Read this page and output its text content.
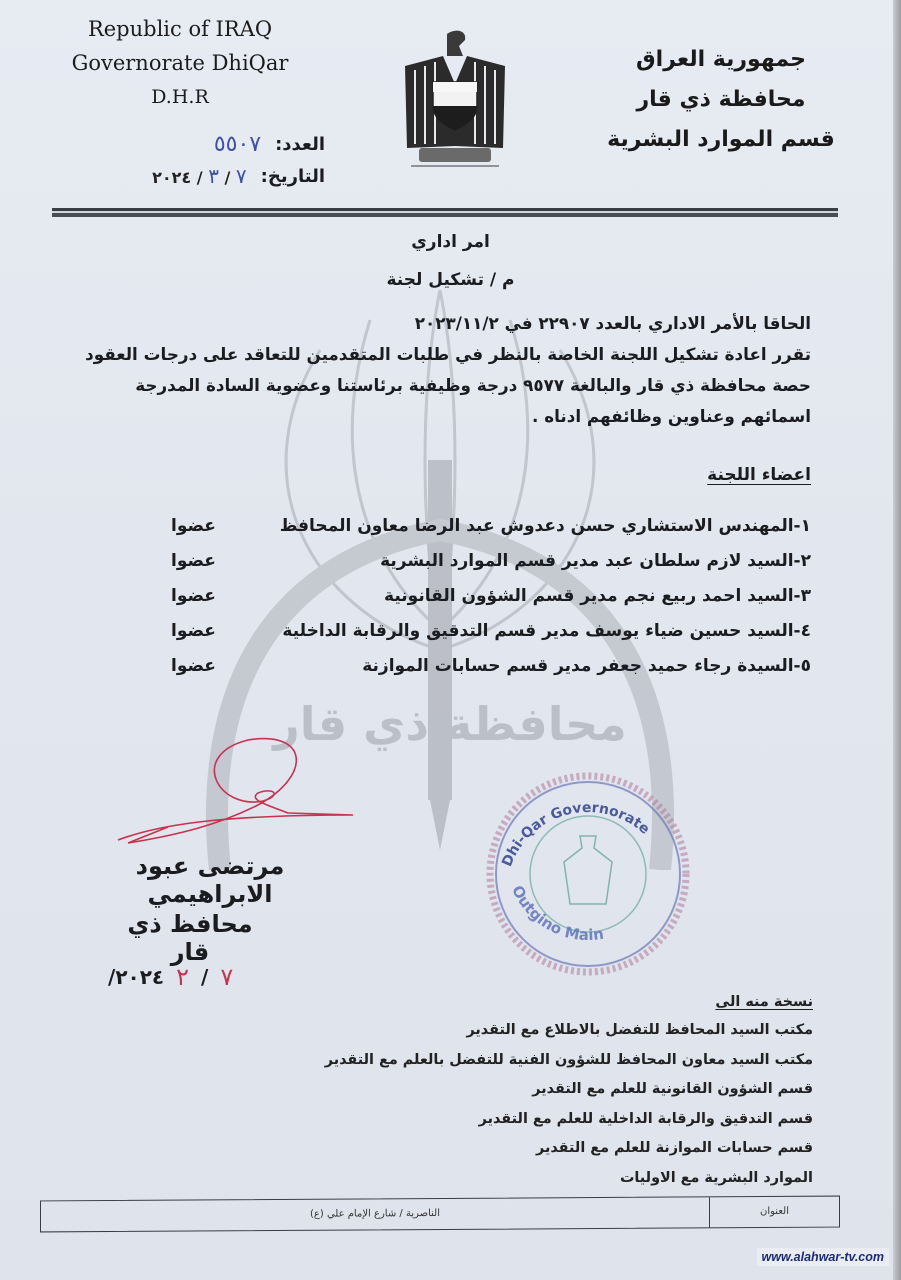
محافظة ذي قار
Republic of IRAQ
Governorate DhiQar
D.H.R
العدد:
٥٥٠٧
التاريخ:
٧ / ٣ / ٢٠٢٤
جمهورية العراق
محافظة ذي قار
قسم الموارد البشرية
امر اداري
م / تشكيل لجنة
الحاقا بالأمر الاداري بالعدد ٢٢٩٠٧ في ٢٠٢٣/١١/٢
تقرر اعادة تشكيل اللجنة الخاصة بالنظر في طلبات المتقدمين للتعاقد على درجات العقود
حصة محافظة ذي قار والبالغة ٩٥٧٧ درجة وظيفية برئاستنا وعضوية السادة المدرجة
اسمائهم وعناوين وظائفهم ادناه .
اعضاء اللجنة
١-المهندس الاستشاري حسن دعدوش عبد الرضا معاون المحافظ
عضوا
٢-السيد لازم سلطان عبد مدير قسم الموارد البشرية
عضوا
٣-السيد احمد ربيع نجم مدير قسم الشؤون القانونية
عضوا
٤-السيد حسين ضياء يوسف مدير قسم التدقيق والرقابة الداخلية
عضوا
٥-السيدة رجاء حميد جعفر مدير قسم حسابات الموازنة
عضوا
مرتضى عبود الابراهيمي
محافظ ذي قار
٧
/
٢
٢٠٢٤/
Dhi-Qar Governorate
Outgino Main
نسخة منه الى
مكتب السيد المحافظ للتفضل بالاطلاع مع التقدير
مكتب السيد معاون المحافظ للشؤون الفنية للتفضل بالعلم مع التقدير
قسم الشؤون القانونية للعلم مع التقدير
قسم التدقيق والرقابة الداخلية للعلم مع التقدير
قسم حسابات الموازنة للعلم مع التقدير
الموارد البشرية مع الاوليات
العنوان
الناصرية / شارع الإمام علي (ع)
www.alahwar-tv.com
